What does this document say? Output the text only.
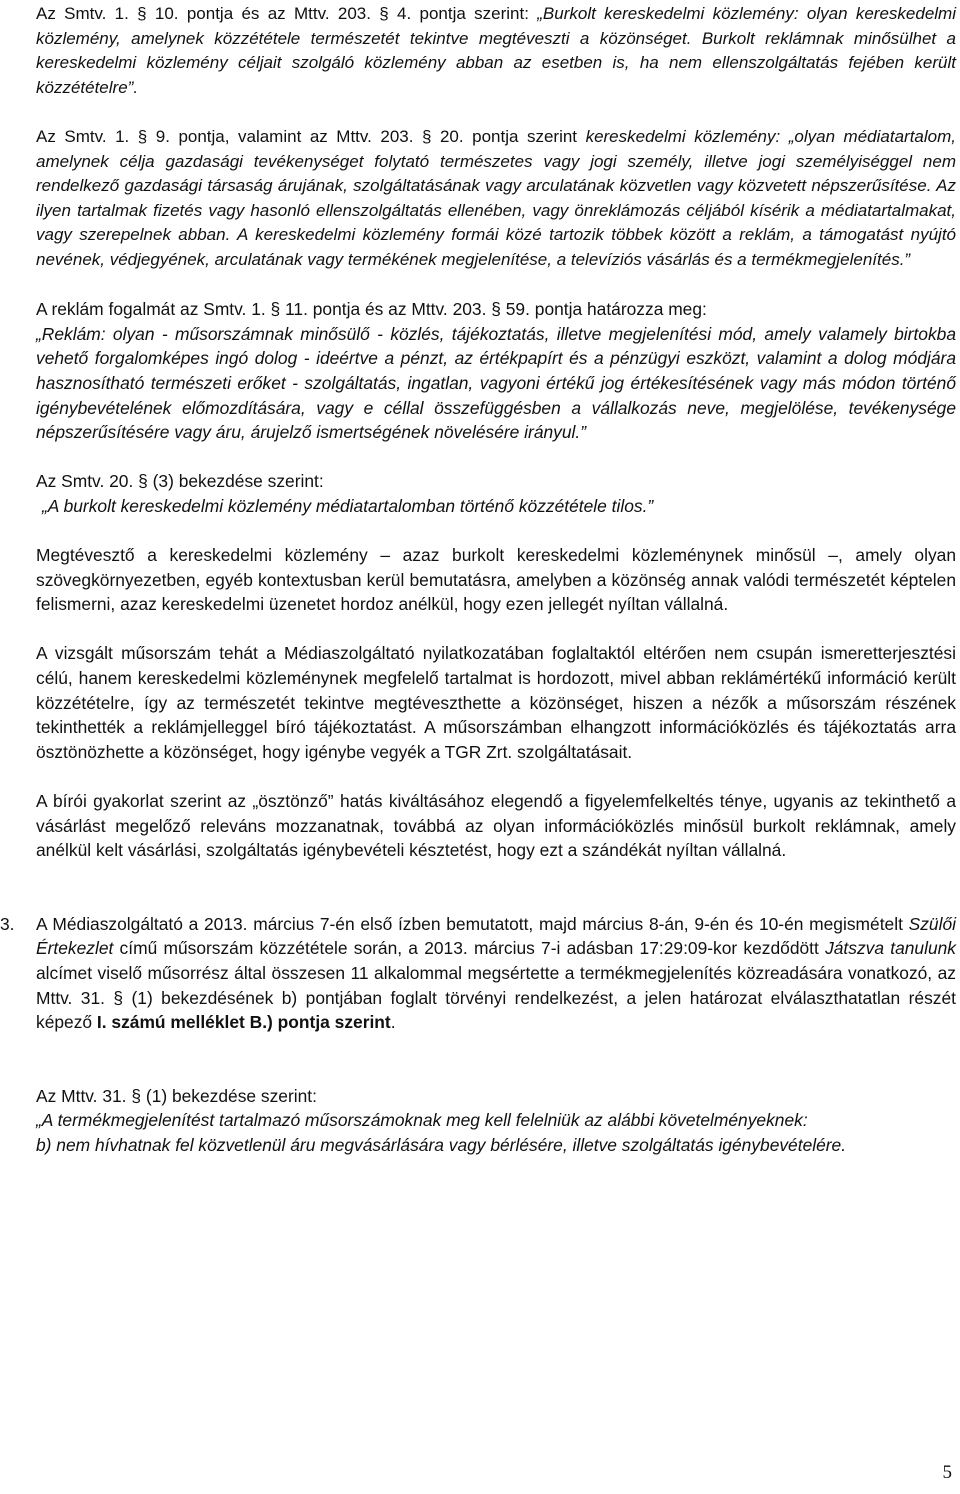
Az Smtv. 1. § 10. pontja és az Mttv. 203. § 4. pontja szerint: „Burkolt kereskedelmi közlemény: olyan kereskedelmi közlemény, amelynek közzététele természetét tekintve megtéveszti a közönséget. Burkolt reklámnak minősülhet a kereskedelmi közlemény céljait szolgáló közlemény abban az esetben is, ha nem ellenszolgáltatás fejében került közzétételre”.

Az Smtv. 1. § 9. pontja, valamint az Mttv. 203. § 20. pontja szerint kereskedelmi közlemény: „olyan médiatartalom, amelynek célja gazdasági tevékenységet folytató természetes vagy jogi személy, illetve jogi személyiséggel nem rendelkező gazdasági társaság árujának, szolgáltatásának vagy arculatának közvetlen vagy közvetett népszerűsítése. Az ilyen tartalmak fizetés vagy hasonló ellenszolgáltatás ellenében, vagy önreklámozás céljából kísérik a médiatartalmakat, vagy szerepelnek abban. A kereskedelmi közlemény formái közé tartozik többek között a reklám, a támogatást nyújtó nevének, védjegyének, arculatának vagy termékének megjelenítése, a televíziós vásárlás és a termékmegjelenítés.”

A reklám fogalmát az Smtv. 1. § 11. pontja és az Mttv. 203. § 59. pontja határozza meg:

„Reklám: olyan - műsorszámnak minősülő - közlés, tájékoztatás, illetve megjelenítési mód, amely valamely birtokba vehető forgalomképes ingó dolog - ideértve a pénzt, az értékpapírt és a pénzügyi eszközt, valamint a dolog módjára hasznosítható természeti erőket - szolgáltatás, ingatlan, vagyoni értékű jog értékesítésének vagy más módon történő igénybevételének előmozdítására, vagy e céllal összefüggésben a vállalkozás neve, megjelölése, tevékenysége népszerűsítésére vagy áru, árujelző ismertségének növelésére irányul.”

Az Smtv. 20. § (3) bekezdése szerint:

„A burkolt kereskedelmi közlemény médiatartalomban történő közzététele tilos.”

Megtévesztő a kereskedelmi közlemény – azaz burkolt kereskedelmi közleménynek minősül –, amely olyan szövegkörnyezetben, egyéb kontextusban kerül bemutatásra, amelyben a közönség annak valódi természetét képtelen felismerni, azaz kereskedelmi üzenetet hordoz anélkül, hogy ezen jellegét nyíltan vállalná.

A vizsgált műsorszám tehát a Médiaszolgáltató nyilatkozatában foglaltaktól eltérően nem csupán ismeretterjesztési célú, hanem kereskedelmi közleménynek megfelelő tartalmat is hordozott, mivel abban reklámértékű információ került közzétételre, így az természetét tekintve megtéveszthette a közönséget, hiszen a nézők a műsorszám részének tekinthették a reklámjelleggel bíró tájékoztatást. A műsorszámban elhangzott információközlés és tájékoztatás arra ösztönözhette a közönséget, hogy igénybe vegyék a TGR Zrt. szolgáltatásait.

A bírói gyakorlat szerint az „ösztönző” hatás kiváltásához elegendő a figyelemfelkeltés ténye, ugyanis az tekinthető a vásárlást megelőző releváns mozzanatnak, továbbá az olyan információközlés minősül burkolt reklámnak, amely anélkül kelt vásárlási, szolgáltatás igénybevételi késztetést, hogy ezt a szándékát nyíltan vállalná.

3. A Médiaszolgáltató a 2013. március 7-én első ízben bemutatott, majd március 8-án, 9-én és 10-én megismételt Szülői Értekezlet című műsorszám közzététele során, a 2013. március 7-i adásban 17:29:09-kor kezdődött Játszva tanulunk alcímet viselő műsorrész által összesen 11 alkalommal megsértette a termékmegjelenítés közreadására vonatkozó, az Mttv. 31. § (1) bekezdésének b) pontjában foglalt törvényi rendelkezést, a jelen határozat elválaszthatatlan részét képező I. számú melléklet B.) pontja szerint.

Az Mttv. 31. § (1) bekezdése szerint:

„A termékmegjelenítést tartalmazó műsorszámoknak meg kell felelniük az alábbi követelményeknek:

b) nem hívhatnak fel közvetlenül áru megvásárlására vagy bérlésére, illetve szolgáltatás igénybevételére.

5
